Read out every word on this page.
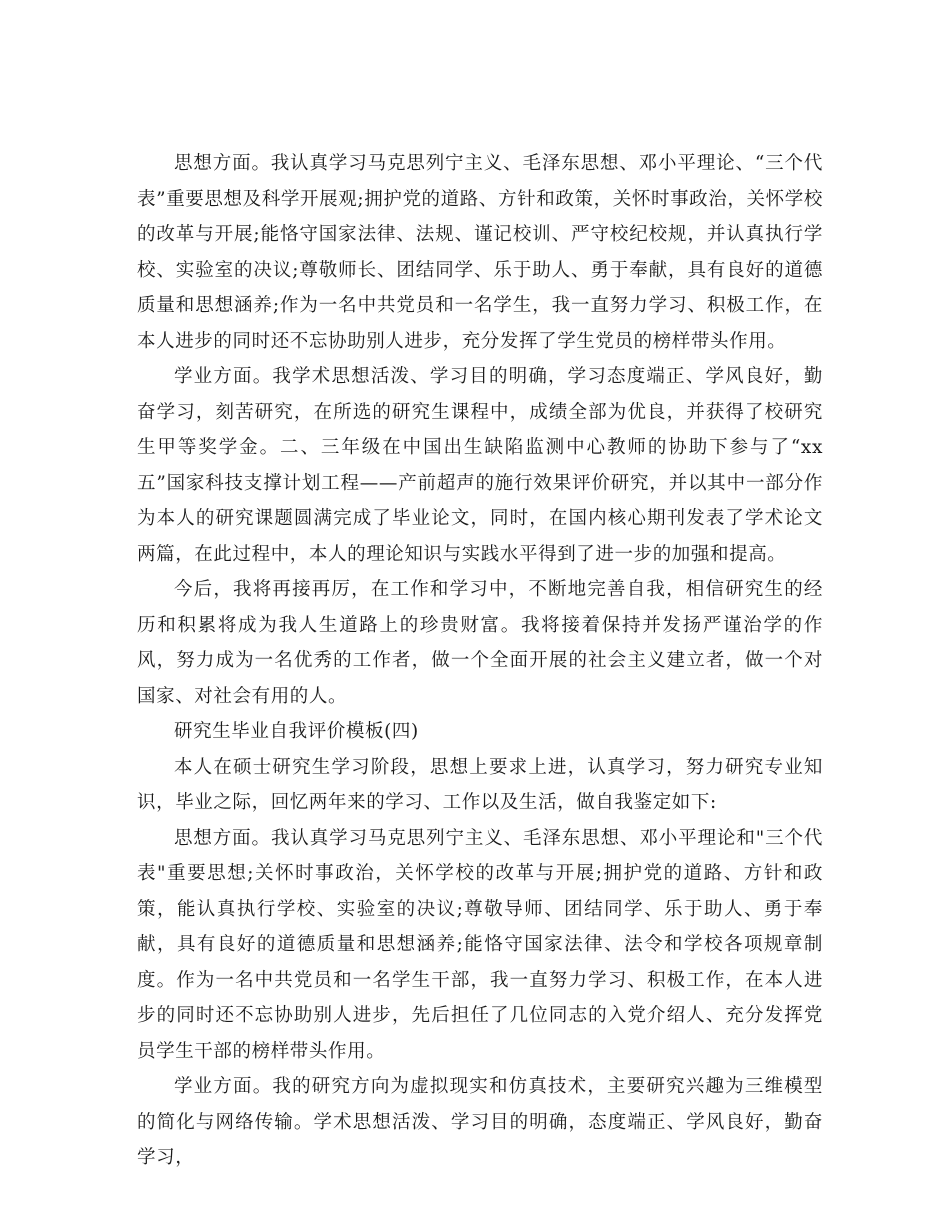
思想方面。我认真学习马克思列宁主义、毛泽东思想、邓小平理论、“三个代表”重要思想及科学开展观;拥护党的道路、方针和政策，关怀时事政治，关怀学校的改革与开展;能恪守国家法律、法规、谨记校训、严守校纪校规，并认真执行学校、实验室的决议;尊敬师长、团结同学、乐于助人、勇于奉献，具有良好的道德质量和思想涵养;作为一名中共党员和一名学生，我一直努力学习、积极工作，在本人进步的同时还不忘协助别人进步，充分发挥了学生党员的榜样带头作用。

学业方面。我学术思想活泼、学习目的明确，学习态度端正、学风良好，勤奋学习，刻苦研究，在所选的研究生课程中，成绩全部为优良，并获得了校研究生甲等奖学金。二、三年级在中国出生缺陷监测中心教师的协助下参与了“xx五”国家科技支撑计划工程——产前超声的施行效果评价研究，并以其中一部分作为本人的研究课题圆满完成了毕业论文，同时，在国内核心期刊发表了学术论文两篇，在此过程中，本人的理论知识与实践水平得到了进一步的加强和提高。

今后，我将再接再厉，在工作和学习中，不断地完善自我，相信研究生的经历和积累将成为我人生道路上的珍贵财富。我将接着保持并发扬严谨治学的作风，努力成为一名优秀的工作者，做一个全面开展的社会主义建立者，做一个对国家、对社会有用的人。

研究生毕业自我评价模板(四)

本人在硕士研究生学习阶段，思想上要求上进，认真学习，努力研究专业知识，毕业之际，回忆两年来的学习、工作以及生活，做自我鉴定如下:

思想方面。我认真学习马克思列宁主义、毛泽东思想、邓小平理论和"三个代表"重要思想;关怀时事政治，关怀学校的改革与开展;拥护党的道路、方针和政策，能认真执行学校、实验室的决议;尊敬导师、团结同学、乐于助人、勇于奉献，具有良好的道德质量和思想涵养;能恪守国家法律、法令和学校各项规章制度。作为一名中共党员和一名学生干部，我一直努力学习、积极工作，在本人进步的同时还不忘协助别人进步，先后担任了几位同志的入党介绍人、充分发挥党员学生干部的榜样带头作用。

学业方面。我的研究方向为虚拟现实和仿真技术，主要研究兴趣为三维模型的简化与网络传输。学术思想活泼、学习目的明确，态度端正、学风良好，勤奋学习，
